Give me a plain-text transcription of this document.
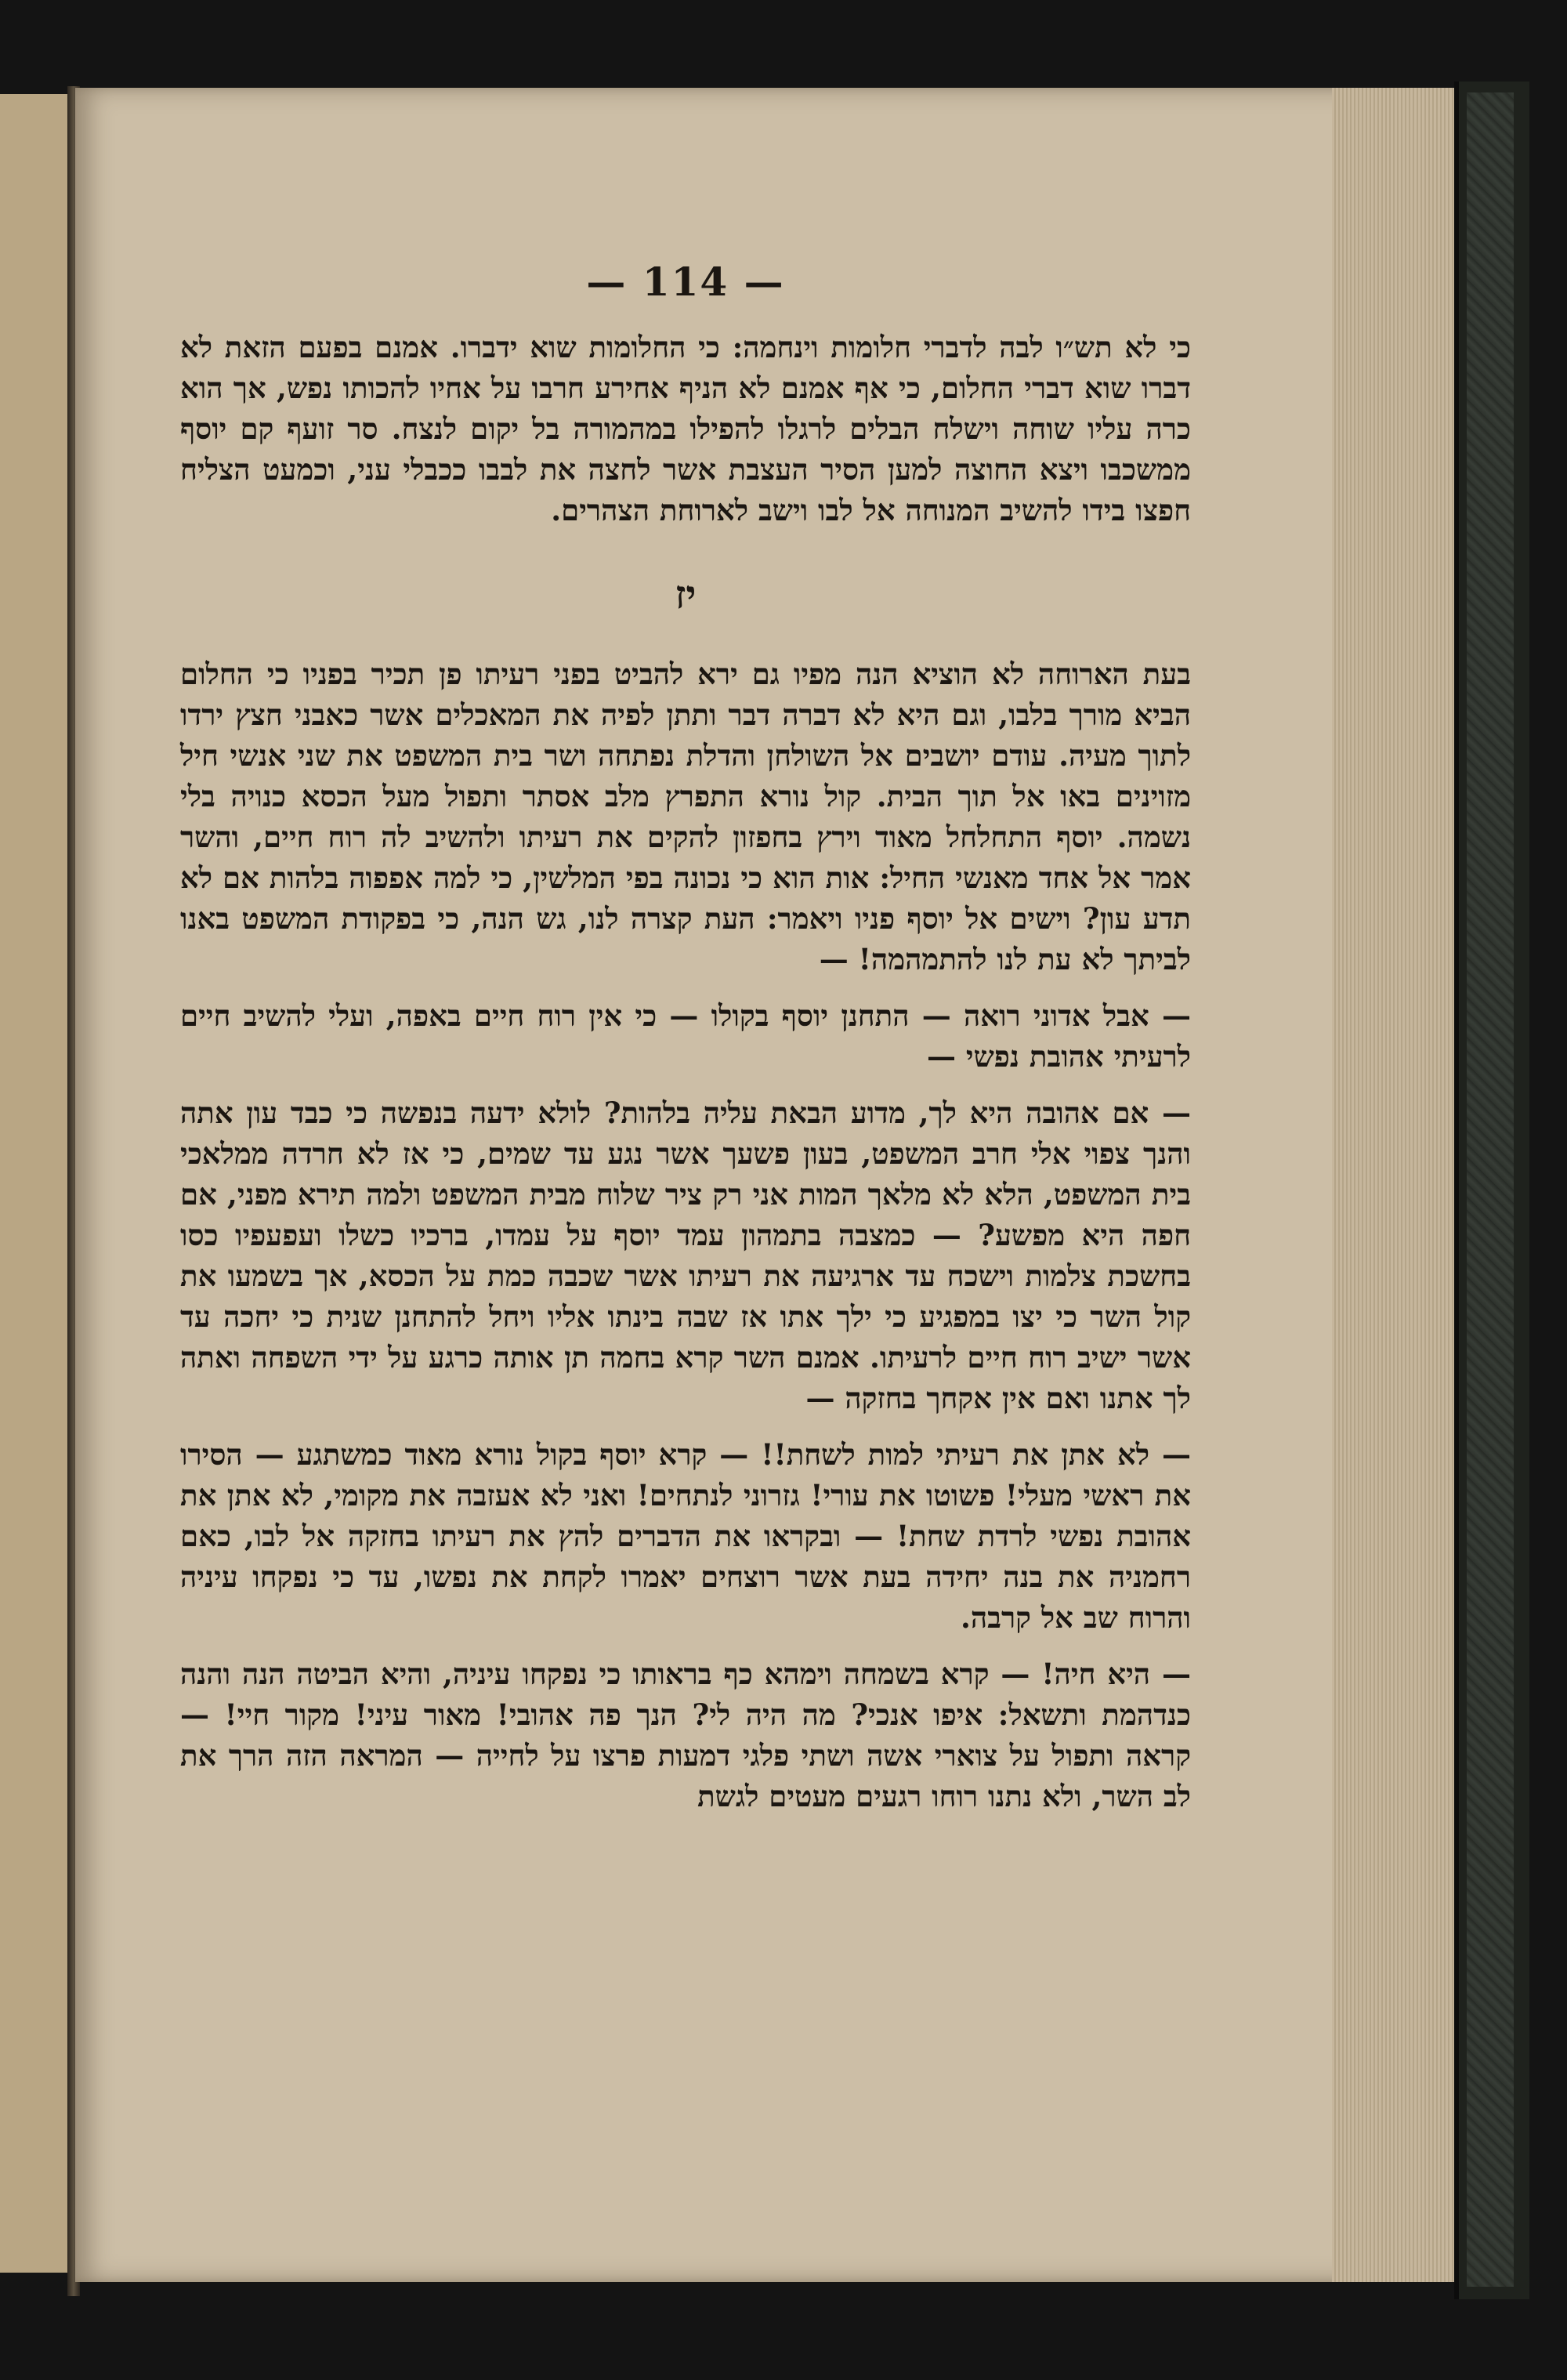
— 114 —

כי לא תש״ו לבה לדברי חלומות וינחמה: כי החלומות שוא ידברו. אמנם בפעם הזאת לא דברו שוא דברי החלום, כי אף אמנם לא הניף אחירע חרבו על אחיו להכותו נפש, אך הוא כרה עליו שוחה וישלח הבלים לרגלו להפילו במהמורה בל יקום לנצח. סר זועף קם יוסף ממשכבו ויצא החוצה למען הסיר העצבת אשר לחצה את לבבו ככבלי עני, וכמעט הצליח חפצו בידו להשיב המנוחה אל לבו וישב לארוחת הצהרים.

יז

בעת הארוחה לא הוציא הנה מפיו גם ירא להביט בפני רעיתו פן תכיר בפניו כי החלום הביא מורך בלבו, וגם היא לא דברה דבר ותתן לפיה את המאכלים אשר כאבני חצץ ירדו לתוך מעיה. עודם יושבים אל השולחן והדלת נפתחה ושר בית המשפט את שני אנשי חיל מזוינים באו אל תוך הבית. קול נורא התפרץ מלב אסתר ותפול מעל הכסא כנויה בלי נשמה. יוסף התחלחל מאוד וירץ בחפזון להקים את רעיתו ולהשיב לה רוח חיים, והשר אמר אל אחד מאנשי החיל: אות הוא כי נכונה בפי המלשין, כי למה אפפוה בלהות אם לא תדע עון? וישים אל יוסף פניו ויאמר: העת קצרה לנו, גש הנה, כי בפקודת המשפט באנו לביתך לא עת לנו להתמהמה! —

— אבל אדוני רואה — התחנן יוסף בקולו — כי אין רוח חיים באפה, ועלי להשיב חיים לרעיתי אהובת נפשי —

— אם אהובה היא לך, מדוע הבאת עליה בלהות? לולא ידעה בנפשה כי כבד עון אתה והנך צפוי אלי חרב המשפט, בעון פשעך אשר נגע עד שמים, כי אז לא חרדה ממלאכי בית המשפט, הלא לא מלאך המות אני רק ציר שלוח מבית המשפט ולמה תירא מפני, אם חפה היא מפשע? — כמצבה בתמהון עמד יוסף על עמדו, ברכיו כשלו ועפעפיו כסו בחשכת צלמות וישכח עד ארגיעה את רעיתו אשר שכבה כמת על הכסא, אך בשמעו את קול השר כי יצו במפגיע כי ילך אתו אז שבה בינתו אליו ויחל להתחנן שנית כי יחכה עד אשר ישיב רוח חיים לרעיתו. אמנם השר קרא בחמה תן אותה כרגע על ידי השפחה ואתה לך אתנו ואם אין אקחך בחזקה —

— לא אתן את רעיתי למות לשחת!! — קרא יוסף בקול נורא מאוד כמשתגע — הסירו את ראשי מעלי! פשוטו את עורי! גזרוני לנתחים! ואני לא אעזבה את מקומי, לא אתן את אהובת נפשי לרדת שחת! — ובקראו את הדברים להץ את רעיתו בחזקה אל לבו, כאם רחמניה את בנה יחידה בעת אשר רוצחים יאמרו לקחת את נפשו, עד כי נפקחו עיניה והרוח שב אל קרבה.

— היא חיה! — קרא בשמחה וימהא כף בראותו כי נפקחו עיניה, והיא הביטה הנה והנה כנדהמת ותשאל: איפו אנכי? מה היה לי? הנך פה אהובי! מאור עיני! מקור חיי! — קראה ותפול על צוארי אשה ושתי פלגי דמעות פרצו על לחייה — המראה הזה הרך את לב השר, ולא נתנו רוחו רגעים מעטים לגשת
